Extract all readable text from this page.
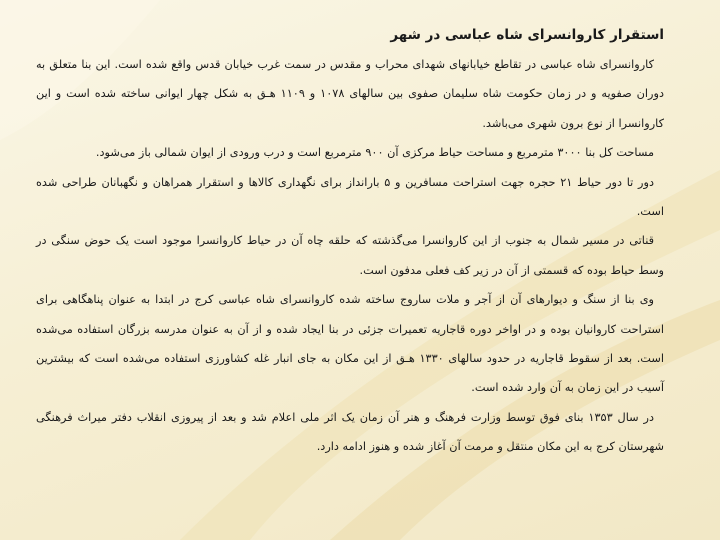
استقرار کاروانسرای شاه عباسی در شهر

کاروانسرای شاه عباسی در تقاطع خیابانهای شهدای محراب و مقدس در سمت غرب خیابان قدس واقع شده است. این بنا متعلق به دوران صفویه و در زمان حکومت شاه سلیمان صفوی بین سالهای ۱۰۷۸ و ۱۱۰۹ هـق به شکل چهار ایوانی ساخته شده است و این کاروانسرا از نوع برون شهری می‌باشد.

مساحت کل بنا ۳۰۰۰ مترمربع و مساحت حیاط مرکزی آن ۹۰۰ مترمربع است و درب ورودی از ایوان شمالی باز می‌شود.

دور تا دور حیاط ۲۱ حجره جهت استراحت مسافرین و ۵ بارانداز برای نگهداری کالاها و استقرار همراهان و نگهبانان طراحی شده است.

قناتی در مسیر شمال به جنوب از این کاروانسرا می‌گذشته که حلقه چاه آن در حیاط کاروانسرا موجود است یک حوض سنگی در وسط حیاط بوده که قسمتی از آن در زیر کف فعلی مدفون است.

وی بنا از سنگ و دیوارهای آن از آجر و ملات ساروج ساخته شده کاروانسرای شاه عباسی کرج در ابتدا به عنوان پناهگاهی برای استراحت کاروانیان بوده و در اواخر دوره قاجاریه تعمیرات جزئی در بنا ایجاد شده و از آن به عنوان مدرسه بزرگان استفاده می‌شده است. بعد از سقوط قاجاریه در حدود سالهای ۱۳۳۰ هـق از این مکان به جای انبار غله کشاورزی استفاده می‌شده است که بیشترین آسیب در این زمان به آن وارد شده است.

در سال ۱۳۵۳ بنای فوق توسط وزارت فرهنگ و هنر آن زمان یک اثر ملی اعلام شد و بعد از پیروزی انقلاب دفتر میراث فرهنگی شهرستان کرج به این مکان منتقل و مرمت آن آغاز شده و هنوز ادامه دارد.
